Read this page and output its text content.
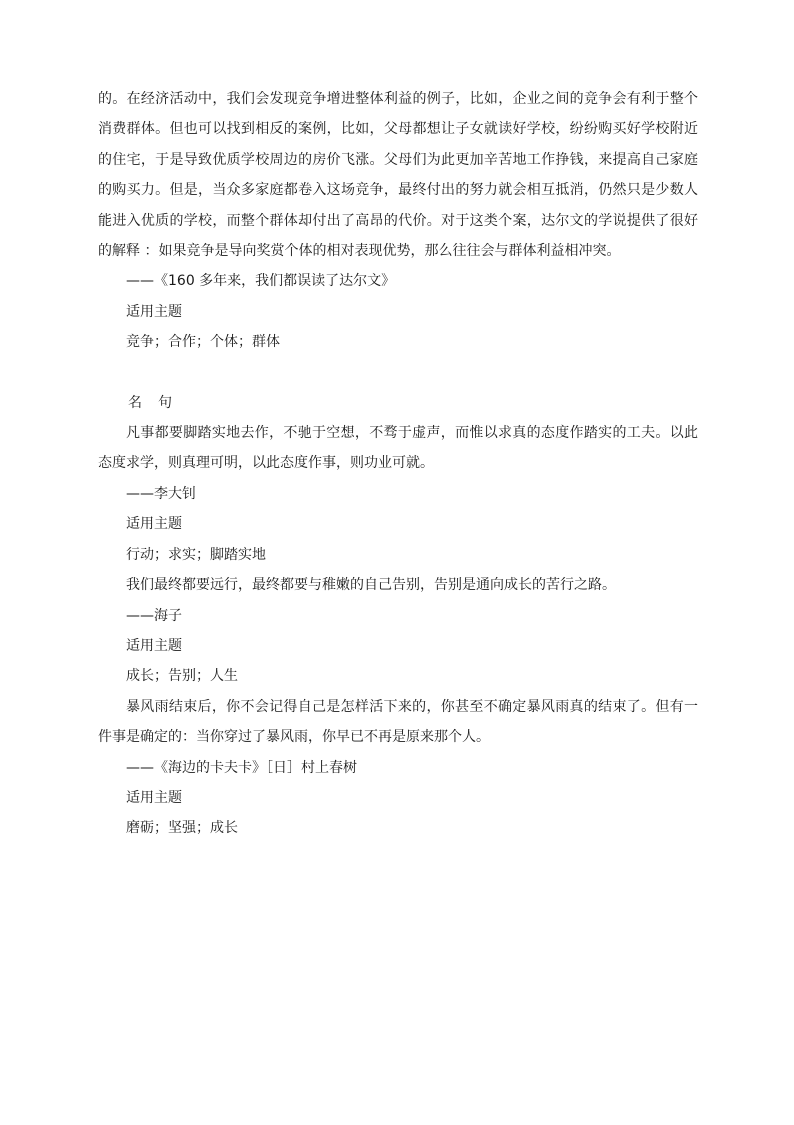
的。在经济活动中，我们会发现竞争增进整体利益的例子，比如，企业之间的竞争会有利于整个消费群体。但也可以找到相反的案例，比如，父母都想让子女就读好学校，纷纷购买好学校附近的住宅，于是导致优质学校周边的房价飞涨。父母们为此更加辛苦地工作挣钱，来提高自己家庭的购买力。但是，当众多家庭都卷入这场竞争，最终付出的努力就会相互抵消，仍然只是少数人能进入优质的学校，而整个群体却付出了高昂的代价。对于这类个案，达尔文的学说提供了很好的解释 ：如果竞争是导向奖赏个体的相对表现优势，那么往往会与群体利益相冲突。

——《160 多年来，我们都误读了达尔文》

适用主题

竞争；合作；个体；群体

名句

凡事都要脚踏实地去作，不驰于空想，不骛于虚声，而惟以求真的态度作踏实的工夫。以此态度求学，则真理可明，以此态度作事，则功业可就。

——李大钊

适用主题

行动；求实；脚踏实地

我们最终都要远行，最终都要与稚嫩的自己告别，告别是通向成长的苦行之路。

——海子

适用主题

成长；告别；人生

暴风雨结束后，你不会记得自己是怎样活下来的，你甚至不确定暴风雨真的结束了。但有一件事是确定的：当你穿过了暴风雨，你早已不再是原来那个人。

——《海边的卡夫卡》［日］村上春树

适用主题

磨砺；坚强；成长
